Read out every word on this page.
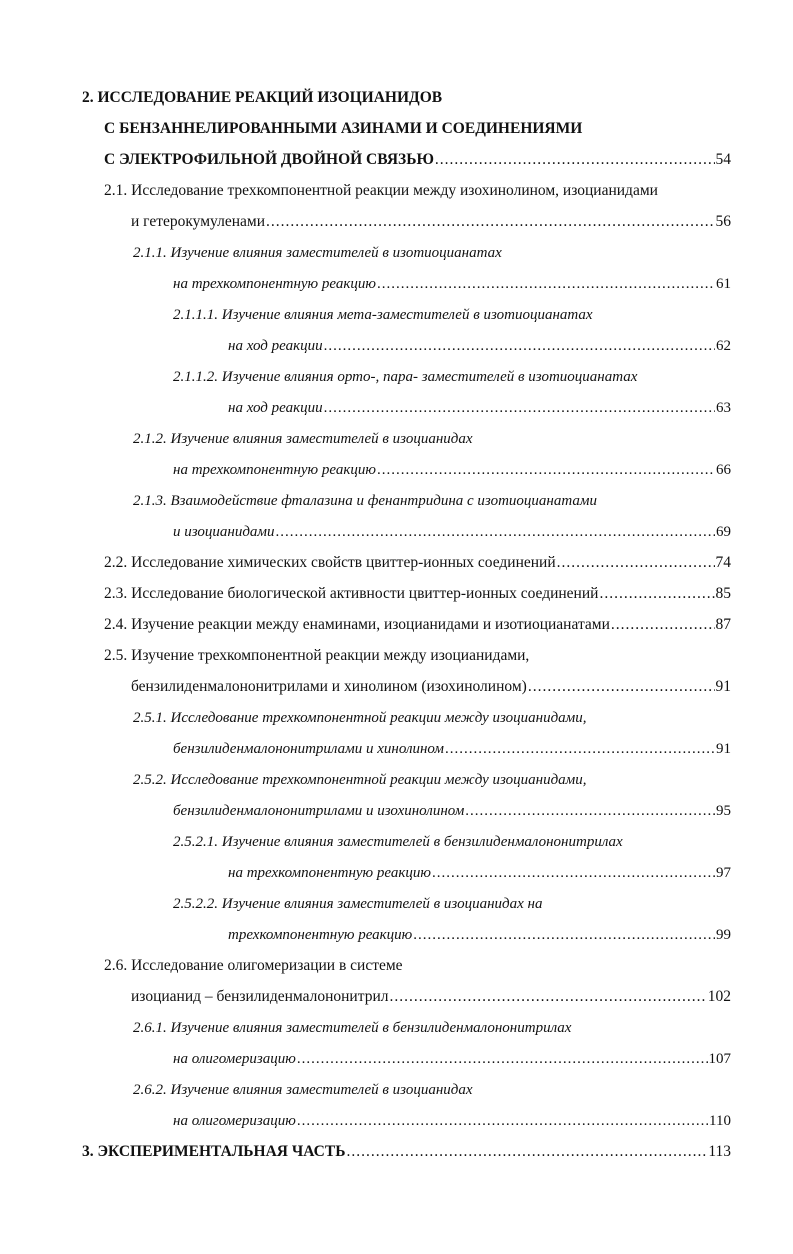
2. ИССЛЕДОВАНИЕ РЕАКЦИЙ ИЗОЦИАНИДОВ
С БЕНЗАННЕЛИРОВАННЫМИ АЗИНАМИ И СОЕДИНЕНИЯМИ
С ЭЛЕКТРОФИЛЬНОЙ ДВОЙНОЙ СВЯЗЬЮ .....	54
2.1. Исследование трехкомпонентной реакции между изохинолином, изоцианидами
и гетерокумуленами .....	56
2.1.1. Изучение влияния заместителей в изотиоцианатах
на трехкомпонентную реакцию .....	61
2.1.1.1. Изучение влияния мета-заместителей в изотиоцианатах
на ход реакции .....	62
2.1.1.2. Изучение влияния орто-, пара- заместителей в изотиоцианатах
на ход реакции .....	63
2.1.2. Изучение влияния заместителей в изоцианидах
на трехкомпонентную реакцию .....	66
2.1.3. Взаимодействие фталазина и фенантридина с изотиоцианатами
и изоцианидами .....	69
2.2. Исследование химических свойств цвиттер-ионных соединений .....	74
2.3. Исследование биологической активности цвиттер-ионных соединений .....	85
2.4. Изучение реакции между енаминами, изоцианидами и изотиоцианатами .....	87
2.5. Изучение трехкомпонентной реакции между изоцианидами,
бензилиденмалононитрилами и хинолином (изохинолином) .....	91
2.5.1. Исследование трехкомпонентной реакции между изоцианидами,
бензилиденмалононитрилами и хинолином .....	91
2.5.2. Исследование трехкомпонентной реакции между изоцианидами,
бензилиденмалононитрилами и изохинолином .....	95
2.5.2.1. Изучение влияния заместителей в бензилиденмалононитрилах
на трехкомпонентную реакцию .....	97
2.5.2.2. Изучение влияния заместителей в изоцианидах на
трехкомпонентную реакцию .....	99
2.6. Исследование олигомеризации в системе
изоцианид – бензилиденмалононитрил .....	102
2.6.1. Изучение влияния заместителей в бензилиденмалононитрилах
на олигомеризацию .....	107
2.6.2. Изучение влияния заместителей в изоцианидах
на олигомеризацию .....	110
3. ЭКСПЕРИМЕНТАЛЬНАЯ ЧАСТЬ .....	113
